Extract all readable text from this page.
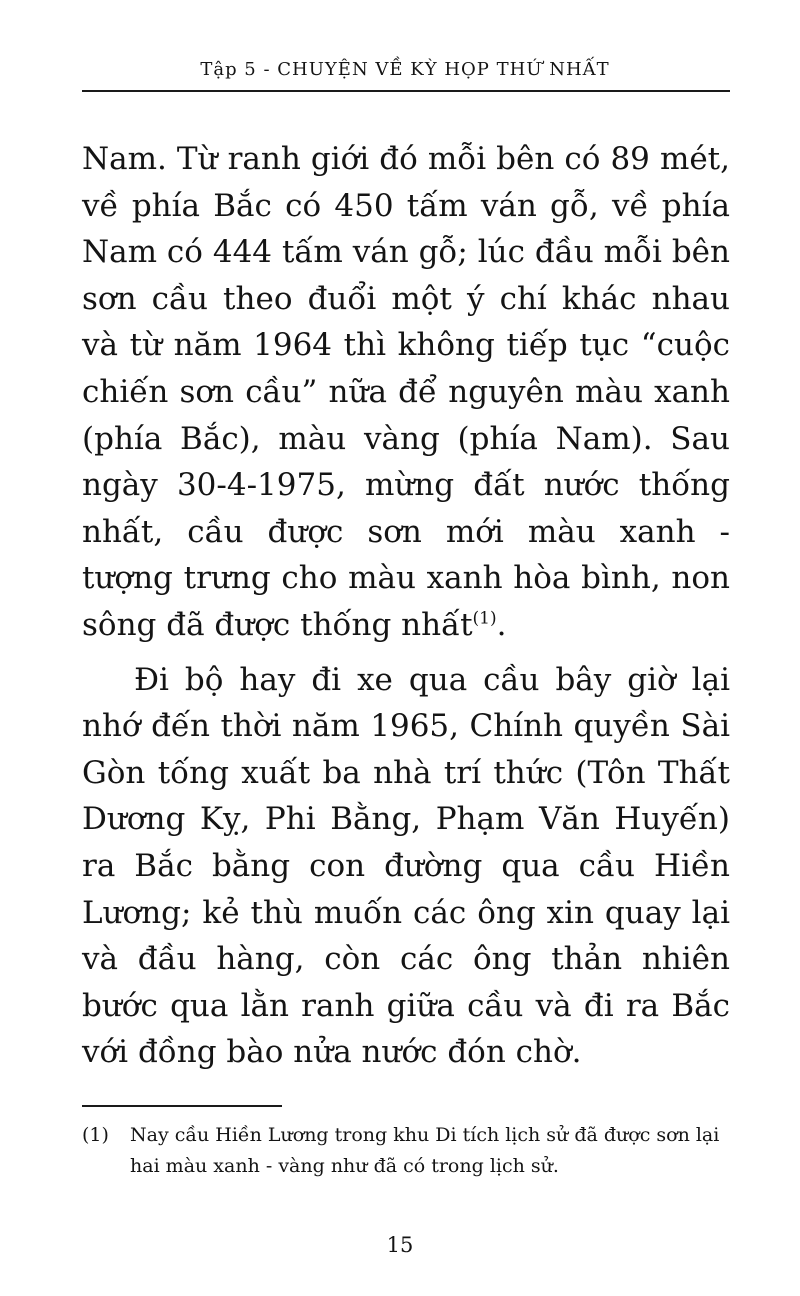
Tập 5 - CHUYỆN VỀ KỲ HỌP THỨ NHẤT

Nam. Từ ranh giới đó mỗi bên có 89 mét, về phía Bắc có 450 tấm ván gỗ, về phía Nam có 444 tấm ván gỗ; lúc đầu mỗi bên sơn cầu theo đuổi một ý chí khác nhau và từ năm 1964 thì không tiếp tục “cuộc chiến sơn cầu” nữa để nguyên màu xanh (phía Bắc), màu vàng (phía Nam). Sau ngày 30-4-1975, mừng đất nước thống nhất, cầu được sơn mới màu xanh - tượng trưng cho màu xanh hòa bình, non sông đã được thống nhất$^{(1)}$.

Đi bộ hay đi xe qua cầu bây giờ lại nhớ đến thời năm 1965, Chính quyền Sài Gòn tống xuất ba nhà trí thức (Tôn Thất Dương Kỵ, Phi Bằng, Phạm Văn Huyến) ra Bắc bằng con đường qua cầu Hiền Lương; kẻ thù muốn các ông xin quay lại và đầu hàng, còn các ông thản nhiên bước qua lằn ranh giữa cầu và đi ra Bắc với đồng bào nửa nước đón chờ.

(1)	Nay cầu Hiền Lương trong khu Di tích lịch sử đã được sơn lại hai màu xanh - vàng như đã có trong lịch sử.
15
